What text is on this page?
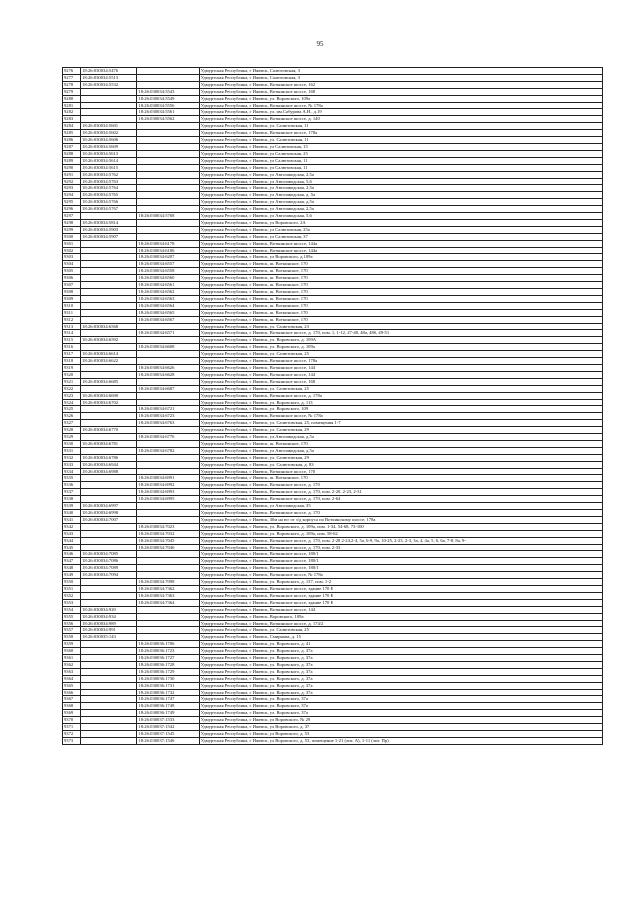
95
9276	18:26:030034:5476		Удмуртская Республика, г Ижевск, Салютовская, 3
9277	18:26:030034:5513		Удмуртская Республика, г Ижевск, Салютовская, 3
9278	18:26:030034:5532		Удмуртская Республика, г Ижевск, Воткинское шоссе, 162
9279		18:26:030034:5543	Удмуртская Республика, г Ижевск, Воткинское шоссе, 168
9280		18:26:030034:5549	Удмуртская Республика, г Ижевск, ул. Воровского, 109а
9281		18:26:030034:5556	Удмуртская Республика, г Ижевск, Воткинское шоссе, № 178а
9282		18:26:030034:5561	Удмуртская Республика, г Ижевск, ул. им.Сабурова А.Н., д.19
9283		18:26:030034:5562	Удмуртская Республика, г Ижевск, Воткинское шоссе, д. 140
9284	18:26:030034:5601		Удмуртская Республика, г Ижевск, ул. Салютовская, 11
9285	18:26:030034:5602		Удмуртская Республика, г Ижевск, Воткинское шоссе, 178а
9286	18:26:030034:5606		Удмуртская Республика, г Ижевск, ул. Салютовская, 11
9287	18:26:030034:5609		Удмуртская Республика, г Ижевск, ул Салютовская, 15
9288	18:26:030034:5613		Удмуртская Республика, г Ижевск, ул Салютовская, 25
9289	18:26:030034:5614		Удмуртская Республика, г Ижевск, ул Салютовская, 11
9290	18:26:030034:5615		Удмуртская Республика, г Ижевск, ул Салютовская, 11
9291	18:26:030034:5762		Удмуртская Республика, г Ижевск, ул Автозаводская, 2,5а
9292	18:26:030034:5763		Удмуртская Республика, г Ижевск, ул Автозаводская, 5,6
9293	18:26:030034:5764		Удмуртская Республика, г Ижевск, ул Автозаводская, 2,5а
9294	18:26:030034:5765		Удмуртская Республика, г Ижевск, ул Автозаводская, д. 5а
9295	18:26:030034:5766		Удмуртская Республика, г Ижевск, ул Автозаводская, д.5а
9296	18:26:030034:5767		Удмуртская Республика, г Ижевск, ул Автозаводская, 2,5а
9297		18:26:030034:5768	Удмуртская Республика, г Ижевск, ул Автозаводская, 5,6
9298	18:26:030034:5814		Удмуртская Республика, г Ижевск, ул Воровского, 2А
9299	18:26:030034:5903		Удмуртская Республика, г Ижевск, ул Салютовская, 25а
9300	18:26:030034:5907		Удмуртская Республика, г Ижевск, ул Салютовская, 37
9301		18:26:030034:6178	Удмуртская Республика, г Ижевск, Воткинское шоссе, 144а
9302		18:26:030034:6186	Удмуртская Республика, г Ижевск, Воткинское шоссе, 144а
9303		18:26:030034:6207	Удмуртская Республика, г Ижевск, ул Воровского, д.109а
9304		18:26:030034:6557	Удмуртская Республика, г Ижевск, ш. Воткинское, 170
9305		18:26:030034:6558	Удмуртская Республика, г Ижевск, ш. Воткинское, 170
9306		18:26:030034:6560	Удмуртская Республика, г Ижевск, ш. Воткинское, 170
9307		18:26:030034:6561	Удмуртская Республика, г Ижевск, ш. Воткинское, 170
9308		18:26:030034:6562	Удмуртская Республика, г Ижевск, ш. Воткинское, 170
9309		18:26:030034:6563	Удмуртская Республика, г Ижевск, ш. Воткинское, 170
9310		18:26:030034:6564	Удмуртская Республика, г Ижевск, ш. Воткинское, 170
9311		18:26:030034:6565	Удмуртская Республика, г Ижевск, ш. Воткинское, 170
9312		18:26:030034:6567	Удмуртская Республика, г Ижевск, ш. Воткинское, 170
9313	18:26:030034:6568		Удмуртская Республика, г Ижевск, ул. Салютовская, 23
9314		18:26:030034:6571	Удмуртская Республика, г Ижевск, Воткинское шоссе, д. 170, пом. 1, 1-12, 27-48, 48а, 48б, 49-51
9315	18:26:030034:6592		Удмуртская Республика, г Ижевск, ул. Воровского, д. 109А
9316		18:26:030034:6608	Удмуртская Республика, г Ижевск, ул. Воровского, д. 109а
9317	18:26:030034:6614		Удмуртская Республика, г Ижевск, ул. Салютовская, 25
9318	18:26:030034:6622		Удмуртская Республика, г Ижевск, Воткинское шоссе, 178а
9319		18:26:030034:6626	Удмуртская Республика, г Ижевск, Воткинское шоссе, 144
9320		18:26:030034:6628	Удмуртская Республика, г Ижевск, Воткинское шоссе, 144
9321	18:26:030034:6685		Удмуртская Республика, г Ижевск, Воткинское шоссе, 168
9322		18:26:030034:6687	Удмуртская Республика, г Ижевск, ул. Салютовская, 25
9323	18:26:030034:6690		Удмуртская Республика, г Ижевск, Воткинское шоссе, д. 178а
9324	18:26:030034:6702		Удмуртская Республика, г Ижевск, ул. Воровского, д. 113
9325		18:26:030034:6721	Удмуртская Республика, г Ижевск, ул. Воровского, 109
9326		18:26:030034:6723	Удмуртская Республика, г Ижевск, Воткинское шоссе, № 178а
9327		18:26:030034:6763	Удмуртская Республика, г Ижевск, ул. Салютовская, 25, помещения 1-7
9328	18:26:030034:6770		Удмуртская Республика, г Ижевск, ул. Салютовская, 29
9329		18:26:030034:6776	Удмуртская Республика, г Ижевск, ул.Автозаводская, д.5а
9330	18:26:030034:6781		Удмуртская Республика, г Ижевск, ш. Воткинское, 170
9331		18:26:030034:6782	Удмуртская Республика, г Ижевск, ул Автозаводская, д.5а
9332	18:26:030034:6786		Удмуртская Республика, г Ижевск, ул. Салютовская, 29
9333	18:26:030034:6944		Удмуртская Республика, г Ижевск, ул. Салютовская, д. 83
9334	18:26:030034:6988		Удмуртская Республика, г Ижевск, Воткинское шоссе, 170
9335		18:26:030034:6991	Удмуртская Республика, г Ижевск, ш. Воткинское, 170
9336		18:26:030034:6992	Удмуртская Республика, г Ижевск, Воткинское шоссе, д. 170
9337		18:26:030034:6993	Удмуртская Республика, г Ижевск, Воткинское шоссе, д. 170, пом. 2-20, 2-23, 2-31
9338		18:26:030034:6995	Удмуртская Республика, г Ижевск, Воткинское шоссе, д. 170, пом. 2-64
9339	18:26:030034:6997		Удмуртская Республика, г Ижевск, ул Автозаводская, 35
9340	18:26:030034:6998		Удмуртская Республика, г Ижевск, Воткинское шоссе, д. 170
9341	18:26:030034:7007		Удмуртская Республика, г Ижевск, 30м на юг от з/д корпуса по Воткинскому шоссе, 178а
9342		18:26:030034:7023	Удмуртская Республика, г Ижевск, ул. Воровского, д. 109а, пом. 1-34, 54-68, 73-100
9343		18:26:030034:7032	Удмуртская Республика, г Ижевск, ул. Воровского, д. 109а, пом. 58-62
9344		18:26:030034:7045	Удмуртская Республика, г Ижевск, Воткинское шоссе, д. 170, пом. 2-28 2-24,2-4, 5а, 6-9, 9а, 10-25, 2-23, 2-3, 3а, 4, 4а, 5, 6, 6а, 7-8, 8а, 9-
9345		18:26:030034:7046	Удмуртская Республика, г Ижевск, Воткинское шоссе, д. 170, пом. 2-33
9346	18:26:030034:7085		Удмуртская Республика, г Ижевск, Воткинское шоссе, 180/1
9347	18:26:030034:7086		Удмуртская Республика, г Ижевск, Воткинское шоссе, 180/1
9348	18:26:030034:7089		Удмуртская Республика, г Ижевск, Воткинское шоссе, 180/1
9349	18:26:030034:7094		Удмуртская Республика, г Ижевск, Воткинское шоссе, № 178а
9350		18:26:030034:7098	Удмуртская Республика, г Ижевск, ул. Воровского, д. 137, пом. 1-2
9351		18:26:030034:7362	Удмуртская Республика, г Ижевск, Воткинское шоссе, здание 170 Е
9352		18:26:030034:7363	Удмуртская Республика, г Ижевск, Воткинское шоссе, здание 170 Е
9353		18:26:030034:7364	Удмуртская Республика, г Ижевск, Воткинское шоссе, здание 170 Е
9354	18:26:030034:920		Удмуртская Республика, г Ижевск, Воткинское шоссе, 144
9355	18:26:030034:934		Удмуртская Республика, г Ижевск, Воровского, 109а
9356	18:26:030034:989		Удмуртская Республика, г Ижевск, Воткинское шоссе, д. 174/2
9357	18:26:030034:991		Удмуртская Республика, г Ижевск, ул. Салютовская, 25
9358	18:26:030035:143		Удмуртская Республика, г Ижевск, Смирнова, д. 15
9359		18:26:030036:1706	Удмуртская Республика, г Ижевск, ул. Воровского, д. 41
9360		18:26:030036:1723	Удмуртская Республика, г Ижевск, ул. Воровского, д. 37а
9361		18:26:030036:1727	Удмуртская Республика, г Ижевск, ул. Воровского, д. 37а
9362		18:26:030036:1728	Удмуртская Республика, г Ижевск, ул. Воровского, д. 37а
9363		18:26:030036:1729	Удмуртская Республика, г Ижевск, ул. Воровского, д. 37а
9364		18:26:030036:1730	Удмуртская Республика, г Ижевск, ул. Воровского, д. 37а
9365		18:26:030036:1731	Удмуртская Республика, г Ижевск, ул. Воровского, д. 37а
9366		18:26:030036:1732	Удмуртская Республика, г Ижевск, ул. Воровского, д. 37а
9367		18:26:030036:1747	Удмуртская Республика, г Ижевск, ул. Воровского, 37а
9368		18:26:030036:1748	Удмуртская Республика, г Ижевск, ул. Воровского, 37а
9369		18:26:030036:1749	Удмуртская Республика, г Ижевск, ул. Воровского, 37а
9370		18:26:030037:1533	Удмуртская Республика, г Ижевск, ул Воровского, № 29
9371		18:26:030037:1542	Удмуртская Республика, г Ижевск, ул Воровского, д. 37
9372		18:26:030037:1545	Удмуртская Республика, г Ижевск, ул Воровского, д. 53
9373		18:26:030037:1546	Удмуртская Республика, г Ижевск, ул Воровского, д. 53, помещение 1-21 (лит. А), 1-11 (лит. Пр)
